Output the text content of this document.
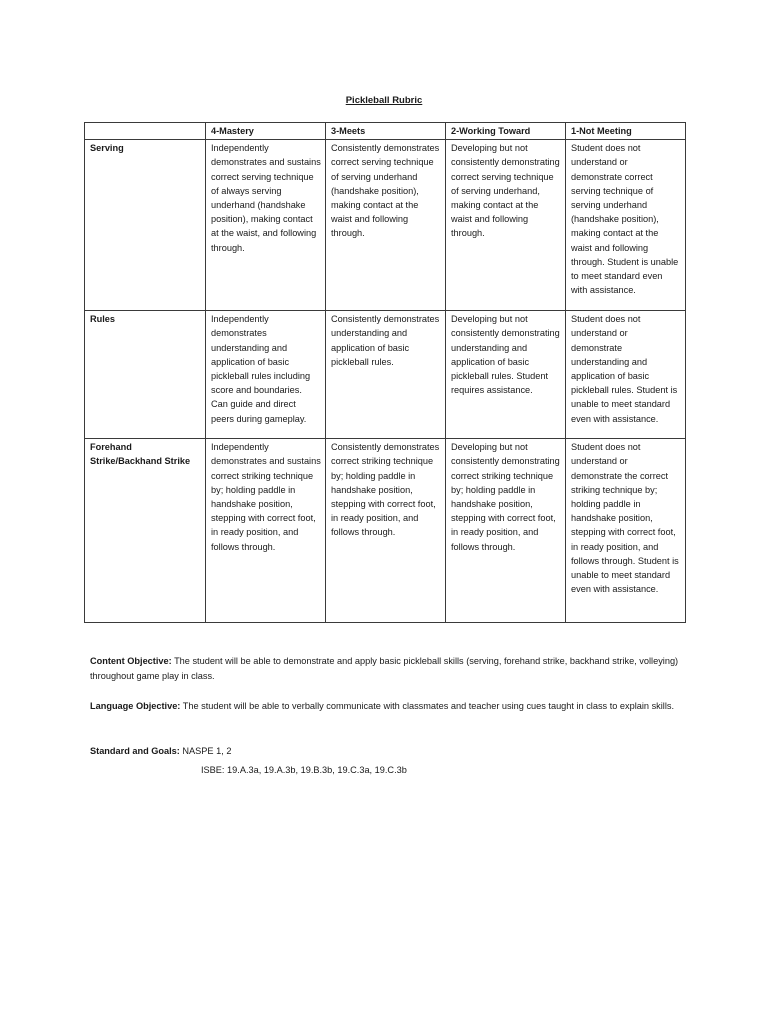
Pickleball Rubric
	4-Mastery	3-Meets	2-Working Toward	1-Not Meeting
Serving	Independently demonstrates and sustains correct serving technique of always serving underhand (handshake position), making contact at the waist, and following through.	Consistently demonstrates correct serving technique of serving underhand (handshake position), making contact at the waist and following through.	Developing but not consistently demonstrating correct serving technique of serving underhand, making contact at the waist and following through.	Student does not understand or demonstrate correct serving technique of serving underhand (handshake position), making contact at the waist and following through. Student is unable to meet standard even with assistance.
Rules	Independently demonstrates understanding and application of basic pickleball rules including score and boundaries. Can guide and direct peers during gameplay.	Consistently demonstrates understanding and application of basic pickleball rules.	Developing but not consistently demonstrating understanding and application of basic pickleball rules. Student requires assistance.	Student does not understand or demonstrate understanding and application of basic pickleball rules. Student is unable to meet standard even with assistance.
Forehand Strike/Backhand Strike	Independently demonstrates and sustains correct striking technique by; holding paddle in handshake position, stepping with correct foot, in ready position, and follows through.	Consistently demonstrates correct striking technique by; holding paddle in handshake position, stepping with correct foot, in ready position, and follows through.	Developing but not consistently demonstrating correct striking technique by; holding paddle in handshake position, stepping with correct foot, in ready position, and follows through.	Student does not understand or demonstrate the correct striking technique by; holding paddle in handshake position, stepping with correct foot, in ready position, and follows through. Student is unable to meet standard even with assistance.
Content Objective: The student will be able to demonstrate and apply basic pickleball skills (serving, forehand strike, backhand strike, volleying) throughout game play in class.
Language Objective: The student will be able to verbally communicate with classmates and teacher using cues taught in class to explain skills.
Standard and Goals: NASPE 1, 2
ISBE: 19.A.3a, 19.A.3b, 19.B.3b, 19.C.3a, 19.C.3b
